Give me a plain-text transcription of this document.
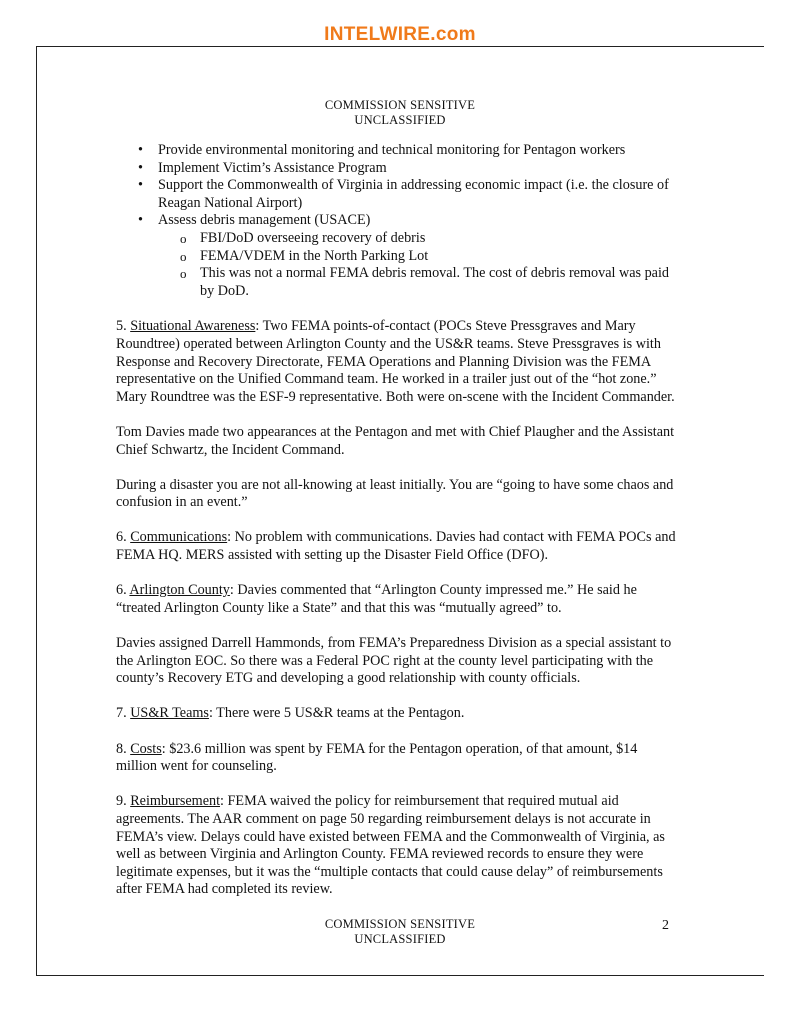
INTELWIRE.com
COMMISSION SENSITIVE
UNCLASSIFIED
• Provide environmental monitoring and technical monitoring for Pentagon workers
• Implement Victim’s Assistance Program
• Support the Commonwealth of Virginia in addressing economic impact (i.e. the closure of Reagan National Airport)
• Assess debris management (USACE)
o FBI/DoD overseeing recovery of debris
o FEMA/VDEM in the North Parking Lot
o This was not a normal FEMA debris removal. The cost of debris removal was paid by DoD.

5. Situational Awareness: Two FEMA points-of-contact (POCs Steve Pressgraves and Mary Roundtree) operated between Arlington County and the US&R teams. Steve Pressgraves is with Response and Recovery Directorate, FEMA Operations and Planning Division was the FEMA representative on the Unified Command team. He worked in a trailer just out of the “hot zone.” Mary Roundtree was the ESF-9 representative. Both were on-scene with the Incident Commander.

Tom Davies made two appearances at the Pentagon and met with Chief Plaugher and the Assistant Chief Schwartz, the Incident Command.

During a disaster you are not all-knowing at least initially. You are “going to have some chaos and confusion in an event.”

6. Communications: No problem with communications. Davies had contact with FEMA POCs and FEMA HQ. MERS assisted with setting up the Disaster Field Office (DFO).

6. Arlington County: Davies commented that “Arlington County impressed me.” He said he “treated Arlington County like a State” and that this was “mutually agreed” to.

Davies assigned Darrell Hammonds, from FEMA’s Preparedness Division as a special assistant to the Arlington EOC. So there was a Federal POC right at the county level participating with the county’s Recovery ETG and developing a good relationship with county officials.

7. US&R Teams: There were 5 US&R teams at the Pentagon.

8. Costs: $23.6 million was spent by FEMA for the Pentagon operation, of that amount, $14 million went for counseling.

9. Reimbursement: FEMA waived the policy for reimbursement that required mutual aid agreements. The AAR comment on page 50 regarding reimbursement delays is not accurate in FEMA’s view. Delays could have existed between FEMA and the Commonwealth of Virginia, as well as between Virginia and Arlington County. FEMA reviewed records to ensure they were legitimate expenses, but it was the “multiple contacts that could cause delay” of reimbursements after FEMA had completed its review.

COMMISSION SENSITIVE
UNCLASSIFIED
2
